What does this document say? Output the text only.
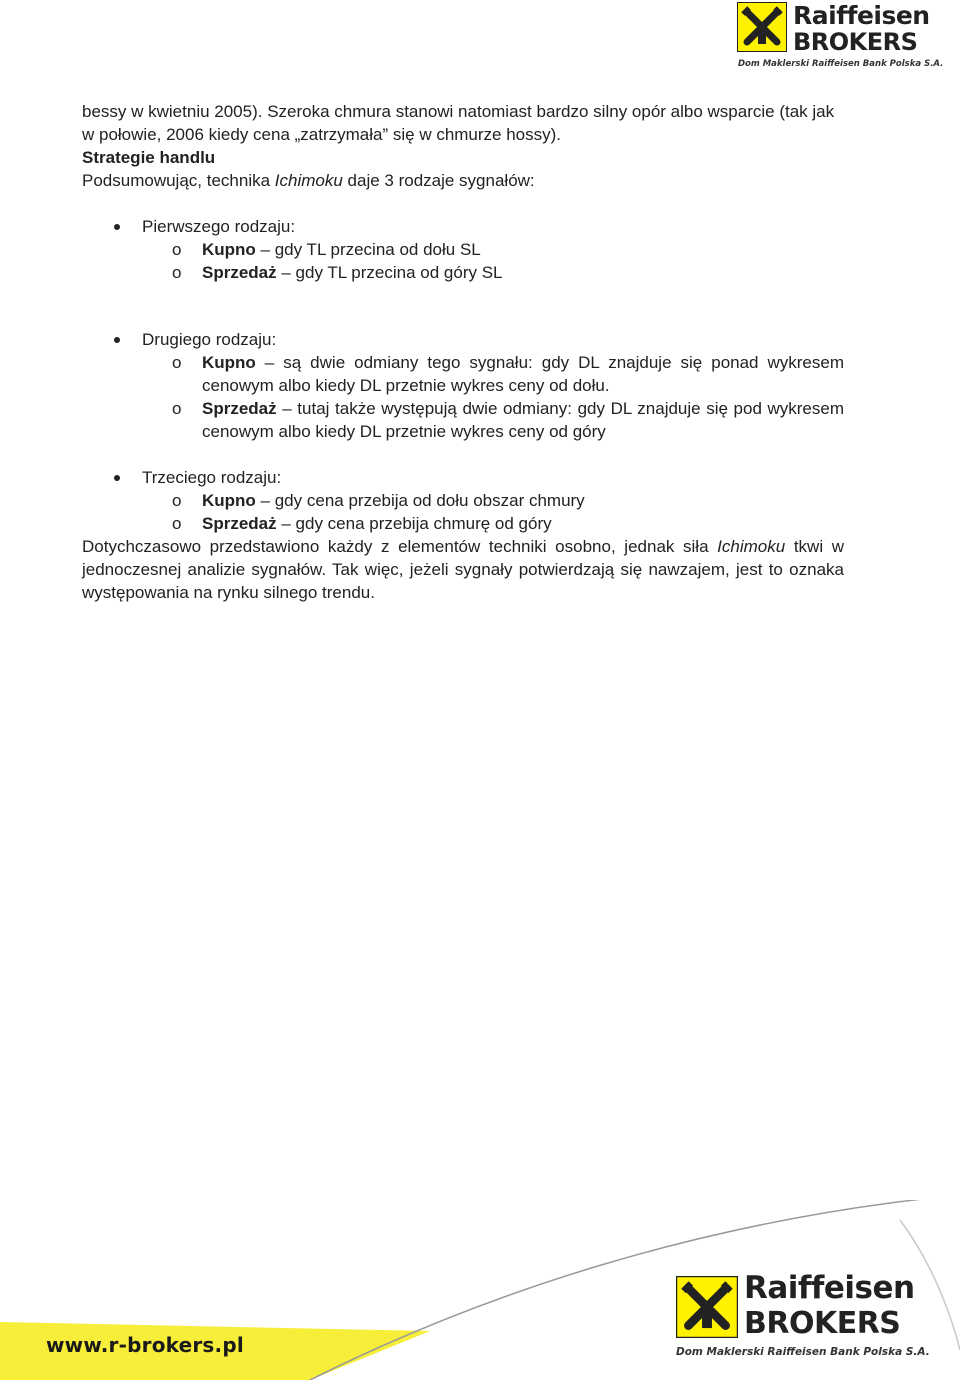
Raiffeisen
BROKERS
Dom Maklerski Raiffeisen Bank Polska S.A.

bessy w kwietniu 2005). Szeroka chmura stanowi natomiast bardzo silny opór albo wsparcie (tak jak w połowie, 2006 kiedy cena „zatrzymała” się w chmurze hossy).

Strategie handlu

Podsumowując, technika Ichimoku daje 3 rodzaje sygnałów:

Pierwszego rodzaju:

o Kupno – gdy TL przecina od dołu SL

o Sprzedaż – gdy TL przecina od góry SL

Drugiego rodzaju:

o Kupno – są dwie odmiany tego sygnału: gdy DL znajduje się ponad wykresem cenowym albo kiedy DL przetnie wykres ceny od dołu.

o Sprzedaż – tutaj także występują dwie odmiany: gdy DL znajduje się pod wykresem cenowym albo kiedy DL przetnie wykres ceny od góry

Trzeciego rodzaju:

o Kupno – gdy cena przebija od dołu obszar chmury

o Sprzedaż – gdy cena przebija chmurę od góry

Dotychczasowo przedstawiono każdy z elementów techniki osobno, jednak siła Ichimoku tkwi w jednoczesnej analizie sygnałów. Tak więc, jeżeli sygnały potwierdzają się nawzajem, jest to oznaka występowania na rynku silnego trendu.

www.r-brokers.pl
Raiffeisen
BROKERS
Dom Maklerski Raiffeisen Bank Polska S.A.
